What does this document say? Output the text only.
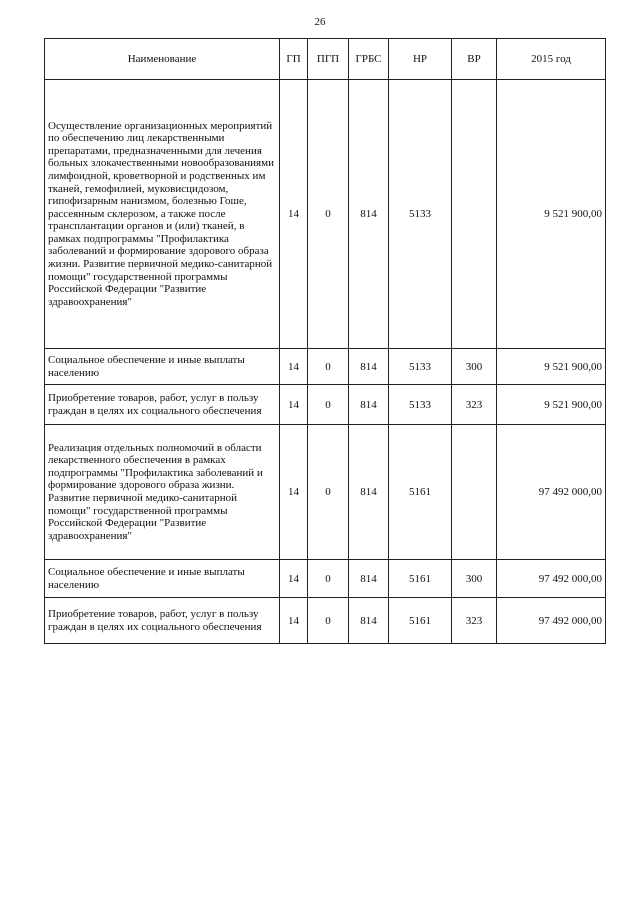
26
Наименование	ГП	ПГП	ГРБС	НР	ВР	2015 год
Осуществление организационных мероприятий по обеспечению лиц лекарственными препаратами, предназначенными для лечения больных злокачественными новообразованиями лимфоидной, кроветворной и родственных им тканей, гемофилией, муковисцидозом, гипофизарным нанизмом, болезнью Гоше, рассеянным склерозом, а также после трансплантации органов и (или) тканей, в рамках подпрограммы "Профилактика заболеваний и формирование здорового образа жизни. Развитие первичной медико-санитарной помощи" государственной программы Российской Федерации "Развитие здравоохранения"	14	0	814	5133		9 521 900,00
Социальное обеспечение и иные выплаты населению	14	0	814	5133	300	9 521 900,00
Приобретение товаров, работ, услуг в пользу граждан в целях их социального обеспечения	14	0	814	5133	323	9 521 900,00
Реализация отдельных полномочий в области лекарственного обеспечения в рамках подпрограммы "Профилактика заболеваний и формирование здорового образа жизни. Развитие первичной медико-санитарной помощи" государственной программы Российской Федерации "Развитие здравоохранения"	14	0	814	5161		97 492 000,00
Социальное обеспечение и иные выплаты населению	14	0	814	5161	300	97 492 000,00
Приобретение товаров, работ, услуг в пользу граждан в целях их социального обеспечения	14	0	814	5161	323	97 492 000,00
